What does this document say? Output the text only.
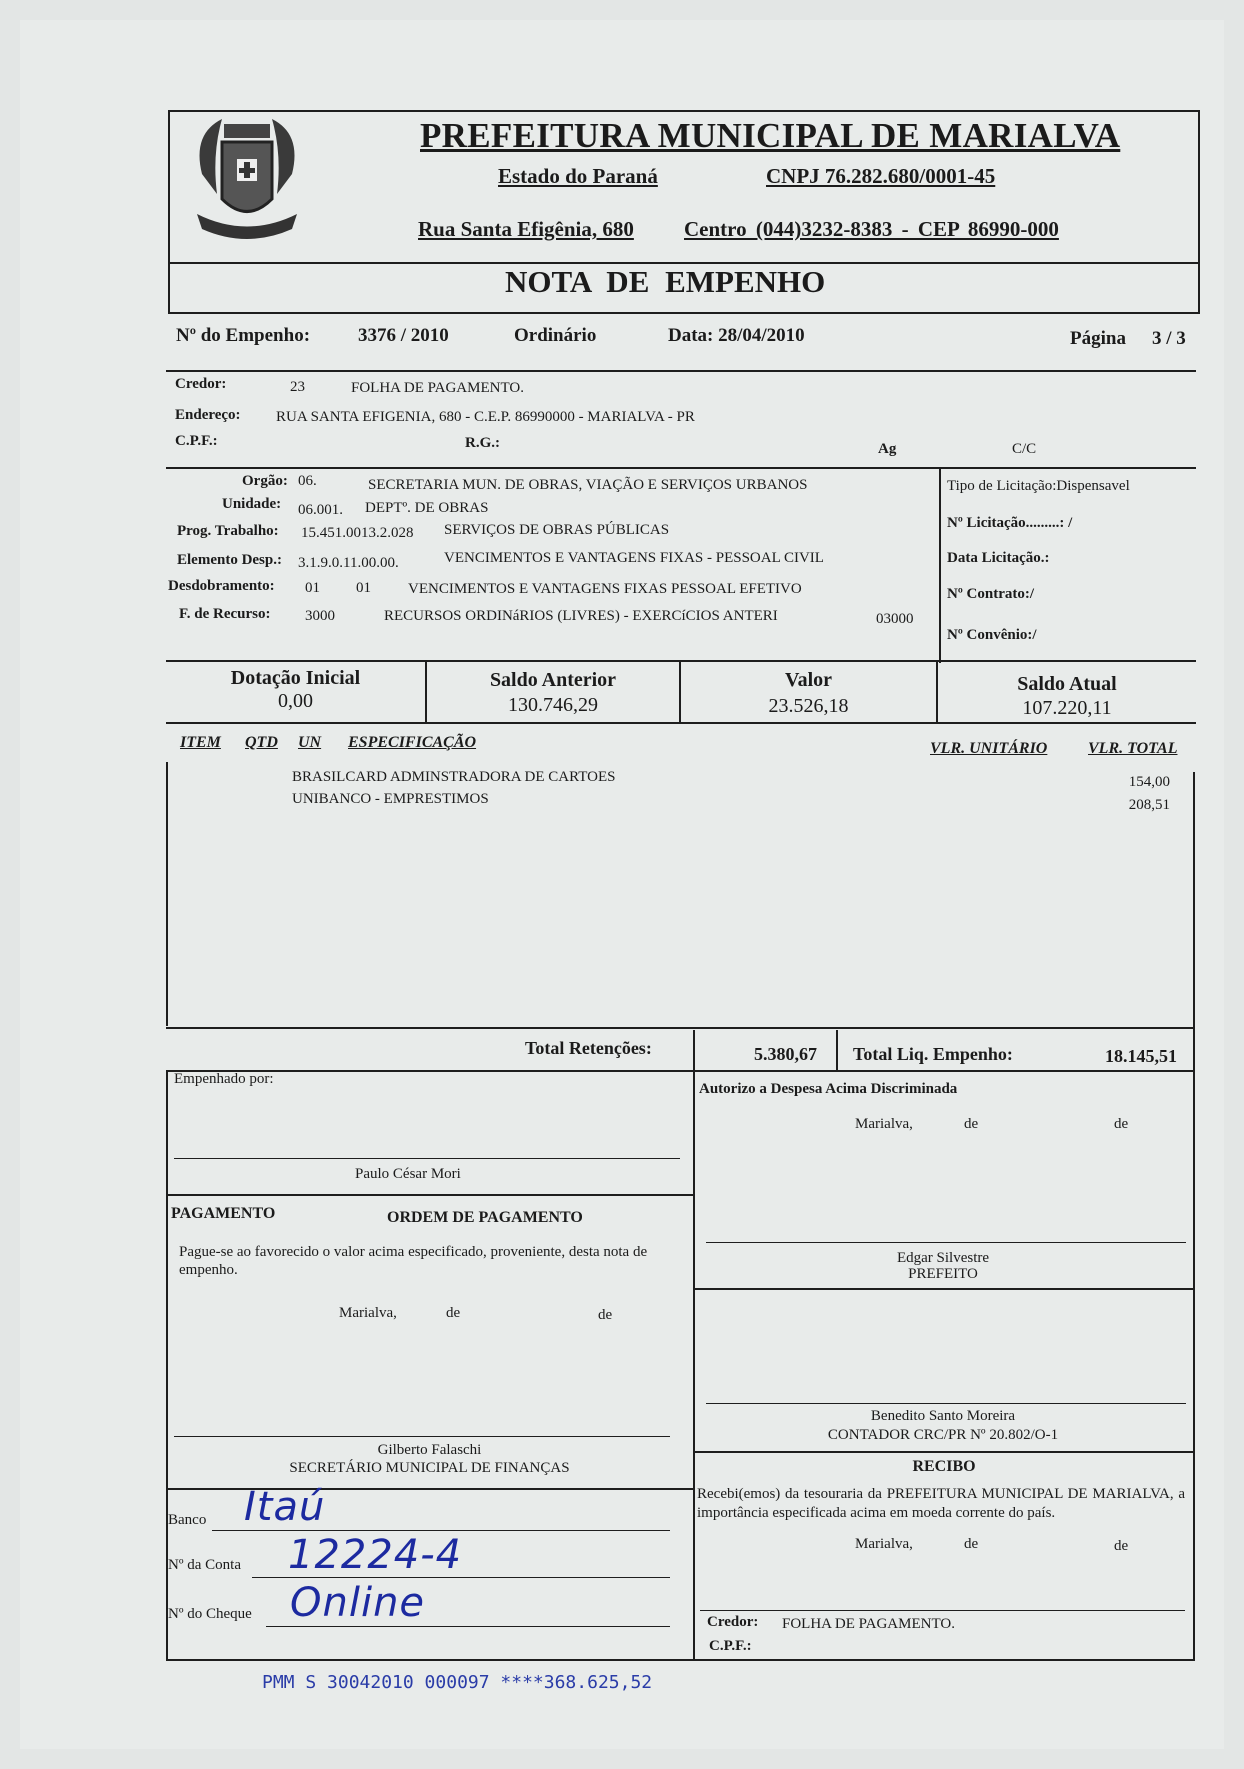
PREFEITURA MUNICIPAL DE MARIALVA
Estado do Paraná	CNPJ 76.282.680/0001-45
Rua Santa Efigênia, 680 Centro (044)3232-8383 - CEP 86990-000
NOTA DE EMPENHO
Nº do Empenho:	3376 / 2010	Ordinário	Data: 28/04/2010	Página 3 / 3
Credor:	23	FOLHA DE PAGAMENTO.
Endereço: RUA SANTA EFIGENIA, 680 - C.E.P. 86990000 - MARIALVA - PR
C.P.F.:	R.G.:	Ag	C/C
Orgão: 06.	SECRETARIA MUN. DE OBRAS, VIAÇÃO E SERVIÇOS URBANOS
Unidade: 06.001. DEPTº. DE OBRAS
Prog. Trabalho: 15.451.0013.2.028 SERVIÇOS DE OBRAS PÚBLICAS
Elemento Desp.: 3.1.9.0.11.00.00.	VENCIMENTOS E VANTAGENS FIXAS - PESSOAL CIVIL
Desdobramento: 01 01 VENCIMENTOS E VANTAGENS FIXAS PESSOAL EFETIVO
F. de Recurso: 3000	RECURSOS ORDINáRIOS (LIVRES) - EXERCíCIOS ANTERI	03000
Tipo de Licitação:Dispensavel
Nº Licitação.........: /
Data Licitação.:
Nº Contrato:/
Nº Convênio:/
Dotação Inicial
0,00
Saldo Anterior
130.746,29
Valor
23.526,18
Saldo Atual
107.220,11
ITEM QTD UN ESPECIFICAÇÃO	VLR. UNITÁRIO	VLR. TOTAL
BRASILCARD ADMINSTRADORA DE CARTOES	154,00
UNIBANCO - EMPRESTIMOS	208,51
Total Retenções:	5.380,67 Total Liq. Empenho:	18.145,51
Empenhado por:
Paulo César Mori
Autorizo a Despesa Acima Discriminada
Marialva,	de	de
Edgar Silvestre
PREFEITO
PAGAMENTO	ORDEM DE PAGAMENTO
Pague-se ao favorecido o valor acima especificado, proveniente, desta nota de empenho.
Marialva,	de	de
Gilberto Falaschi
SECRETÁRIO MUNICIPAL DE FINANÇAS
Benedito Santo Moreira
CONTADOR CRC/PR Nº 20.802/O-1
RECIBO
Recebi(emos) da tesouraria da PREFEITURA MUNICIPAL DE MARIALVA, a importância especificada acima em moeda corrente do país.
Marialva,	de	de
Credor: FOLHA DE PAGAMENTO.
C.P.F.:
Banco Itaú
Nº da Conta 12224-4
Nº do Cheque Online
PMM S 30042010 000097 ****368.625,52
